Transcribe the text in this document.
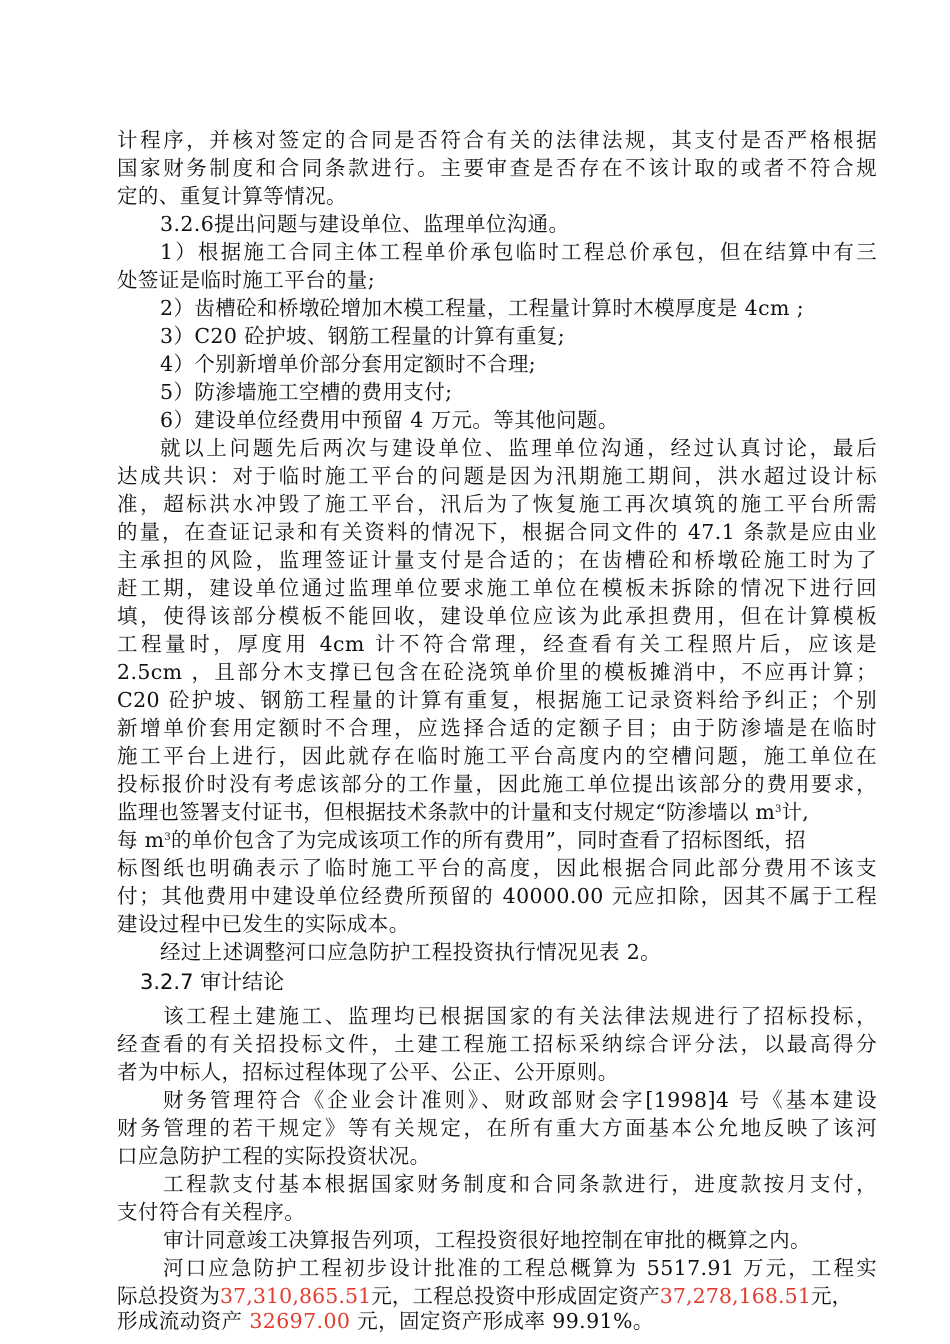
计程序，并核对签定的合同是否符合有关的法律法规，其支付是否严格根据
国家财务制度和合同条款进行。主要审查是否存在不该计取的或者不符合规
定的、重复计算等情况。
3.2.6提出问题与建设单位、监理单位沟通。
1）根据施工合同主体工程单价承包临时工程总价承包，但在结算中有三
处签证是临时施工平台的量;
2）齿槽砼和桥墩砼增加木模工程量，工程量计算时木模厚度是 4cm ;
3）C20 砼护坡、钢筋工程量的计算有重复;
4）个别新增单价部分套用定额时不合理;
5）防渗墙施工空槽的费用支付;
6）建设单位经费用中预留 4 万元。等其他问题。
就以上问题先后两次与建设单位、监理单位沟通，经过认真讨论，最后
达成共识：对于临时施工平台的问题是因为汛期施工期间，洪水超过设计标
准，超标洪水冲毁了施工平台，汛后为了恢复施工再次填筑的施工平台所需
的量，在查证记录和有关资料的情况下，根据合同文件的 47.1 条款是应由业
主承担的风险，监理签证计量支付是合适的；在齿槽砼和桥墩砼施工时为了
赶工期，建设单位通过监理单位要求施工单位在模板未拆除的情况下进行回
填，使得该部分模板不能回收，建设单位应该为此承担费用，但在计算模板
工程量时，厚度用 4cm 计不符合常理，经查看有关工程照片后，应该是
2.5cm ，且部分木支撑已包含在砼浇筑单价里的模板摊消中，不应再计算；
C20 砼护坡、钢筋工程量的计算有重复，根据施工记录资料给予纠正；个别
新增单价套用定额时不合理，应选择合适的定额子目；由于防渗墙是在临时
施工平台上进行，因此就存在临时施工平台高度内的空槽问题，施工单位在
投标报价时没有考虑该部分的工作量，因此施工单位提出该部分的费用要求，
监理也签署支付证书，但根据技术条款中的计量和支付规定“防渗墙以 $m^3$计,
每 $m^3$的单价包含了为完成该项工作的所有费用”，同时查看了招标图纸，招
标图纸也明确表示了临时施工平台的高度，因此根据合同此部分费用不该支
付；其他费用中建设单位经费所预留的 40000.00 元应扣除，因其不属于工程
建设过程中已发生的实际成本。
经过上述调整河口应急防护工程投资执行情况见表 2。
3.2.7 审计结论
该工程土建施工、监理均已根据国家的有关法律法规进行了招标投标，
经查看的有关招投标文件，土建工程施工招标采纳综合评分法，以最高得分
者为中标人，招标过程体现了公平、公正、公开原则。
财务管理符合《企业会计准则》、财政部财会字[1998]4 号《基本建设
财务管理的若干规定》等有关规定，在所有重大方面基本公允地反映了该河
口应急防护工程的实际投资状况。
工程款支付基本根据国家财务制度和合同条款进行，进度款按月支付，
支付符合有关程序。
审计同意竣工决算报告列项，工程投资很好地控制在审批的概算之内。
河口应急防护工程初步设计批准的工程总概算为 5517.91 万元，工程实
际总投资为37,310,865.51元，工程总投资中形成固定资产37,278,168.51元，
形成流动资产 32697.00 元，固定资产形成率 99.91%。
